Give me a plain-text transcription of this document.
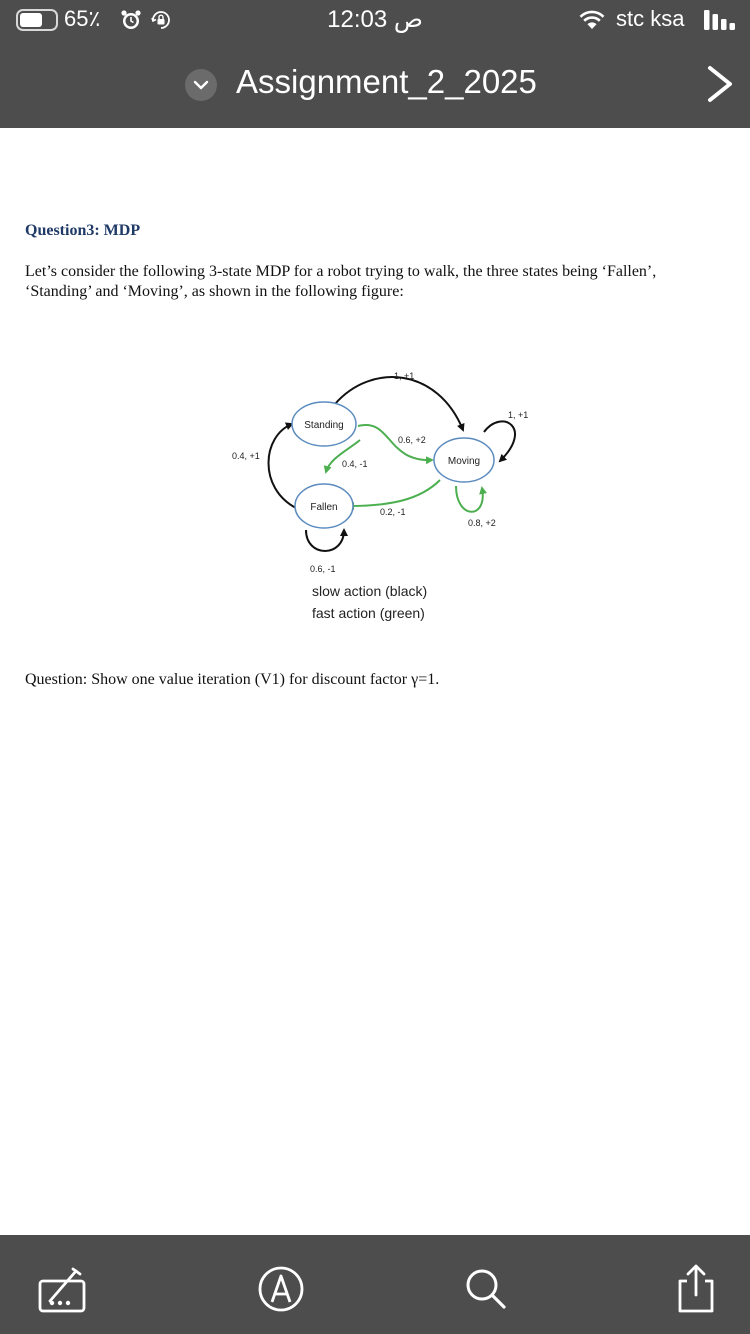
65٪	12:03 ص	stc ksa
Assignment_2_2025
Question3: MDP
Let’s consider the following 3-state MDP for a robot trying to walk, the three states being ‘Fallen’,
‘Standing’ and ‘Moving’, as shown in the following figure:
Standing
Moving
Fallen
1, +1
1, +1
0.6, +2
0.4, -1
0.4, +1
0.2, -1
0.8, +2
0.6, -1
slow action (black)
fast action (green)
Question: Show one value iteration (V1) for discount factor γ=1.
